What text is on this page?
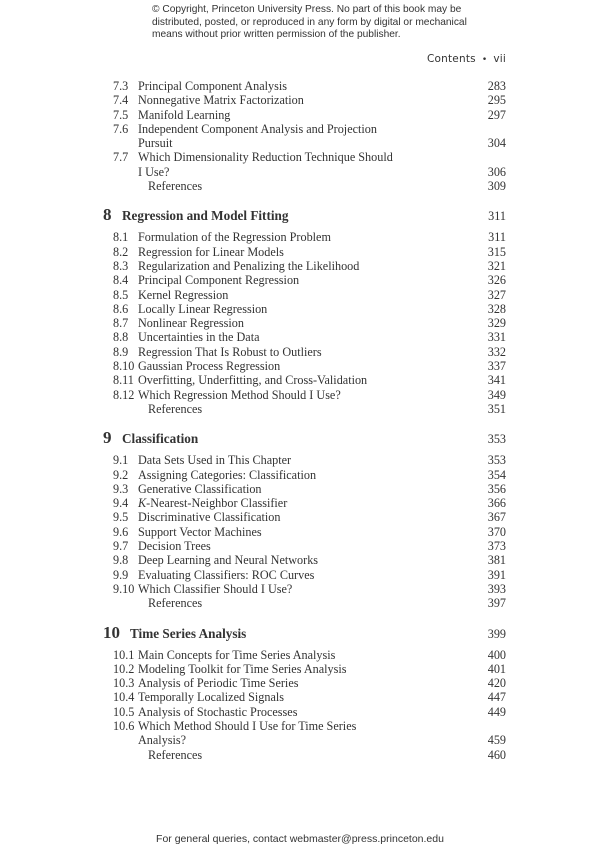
© Copyright, Princeton University Press. No part of this book may be
distributed, posted, or reproduced in any form by digital or mechanical
means without prior written permission of the publisher.
Contents • vii
7.3 Principal Component Analysis	283
7.4 Nonnegative Matrix Factorization	295
7.5 Manifold Learning	297
7.6 Independent Component Analysis and Projection
Pursuit	304
7.7 Which Dimensionality Reduction Technique Should
I Use?	306
References	309
8 Regression and Model Fitting	311
8.1 Formulation of the Regression Problem	311
8.2 Regression for Linear Models	315
8.3 Regularization and Penalizing the Likelihood	321
8.4 Principal Component Regression	326
8.5 Kernel Regression	327
8.6 Locally Linear Regression	328
8.7 Nonlinear Regression	329
8.8 Uncertainties in the Data	331
8.9 Regression That Is Robust to Outliers	332
8.10 Gaussian Process Regression	337
8.11 Overfitting, Underfitting, and Cross-Validation	341
8.12 Which Regression Method Should I Use?	349
References	351
9 Classification	353
9.1 Data Sets Used in This Chapter	353
9.2 Assigning Categories: Classification	354
9.3 Generative Classification	356
9.4 K-Nearest-Neighbor Classifier	366
9.5 Discriminative Classification	367
9.6 Support Vector Machines	370
9.7 Decision Trees	373
9.8 Deep Learning and Neural Networks	381
9.9 Evaluating Classifiers: ROC Curves	391
9.10 Which Classifier Should I Use?	393
References	397
10 Time Series Analysis	399
10.1 Main Concepts for Time Series Analysis	400
10.2 Modeling Toolkit for Time Series Analysis	401
10.3 Analysis of Periodic Time Series	420
10.4 Temporally Localized Signals	447
10.5 Analysis of Stochastic Processes	449
10.6 Which Method Should I Use for Time Series
Analysis?	459
References	460
For general queries, contact webmaster@press.princeton.edu
